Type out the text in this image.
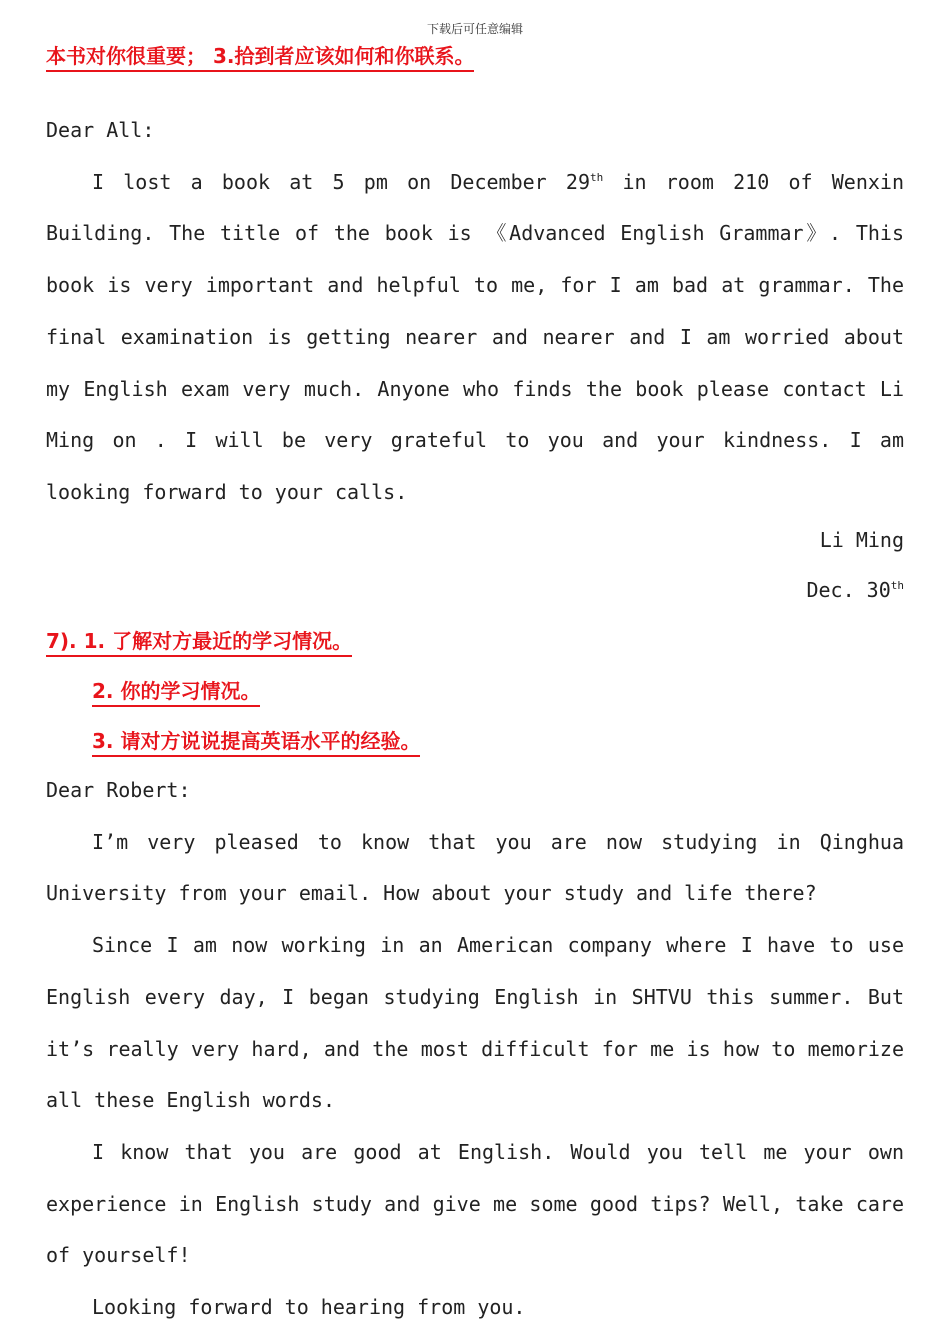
下载后可任意编辑
本书对你很重要； 3.拾到者应该如何和你联系。

Dear All:

I lost a book at 5 pm on December 29th in room 210 of Wenxin Building. The title of the book is 《Advanced English Grammar》. This book is very important and helpful to me, for I am bad at grammar. The final examination is getting nearer and nearer and I am worried about my English exam very much. Anyone who finds the book please contact Li Ming on . I will be very grateful to you and your kindness. I am looking forward to your calls.

Li Ming
Dec. 30th
7). 1. 了解对方最近的学习情况。
2. 你的学习情况。
3. 请对方说说提高英语水平的经验。

Dear Robert:

I’m very pleased to know that you are now studying in Qinghua University from your email. How about your study and life there?

Since I am now working in an American company where I have to use English every day, I began studying English in SHTVU this summer. But it’s really very hard, and the most difficult for me is how to memorize all these English words.

I know that you are good at English. Would you tell me your own experience in English study and give me some good tips? Well, take care of yourself!

Looking forward to hearing from you.
